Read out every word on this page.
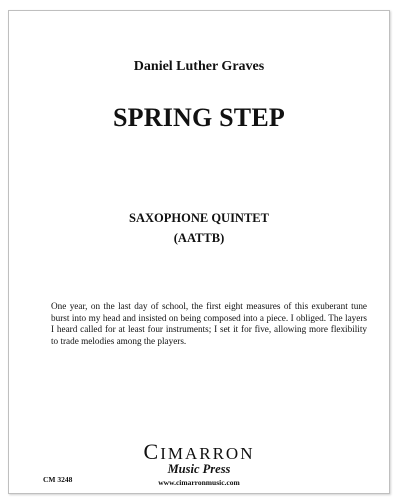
Daniel Luther Graves
SPRING STEP
SAXOPHONE QUINTET
(AATTB)
One year, on the last day of school, the first eight measures of this exuberant tune burst into my head and insisted on being composed into a piece. I obliged. The layers I heard called for at least four instruments; I set it for five, allowing more flexibility to trade melodies among the players.
CIMARRON
Music Press
www.cimarronmusic.com
CM 3248
